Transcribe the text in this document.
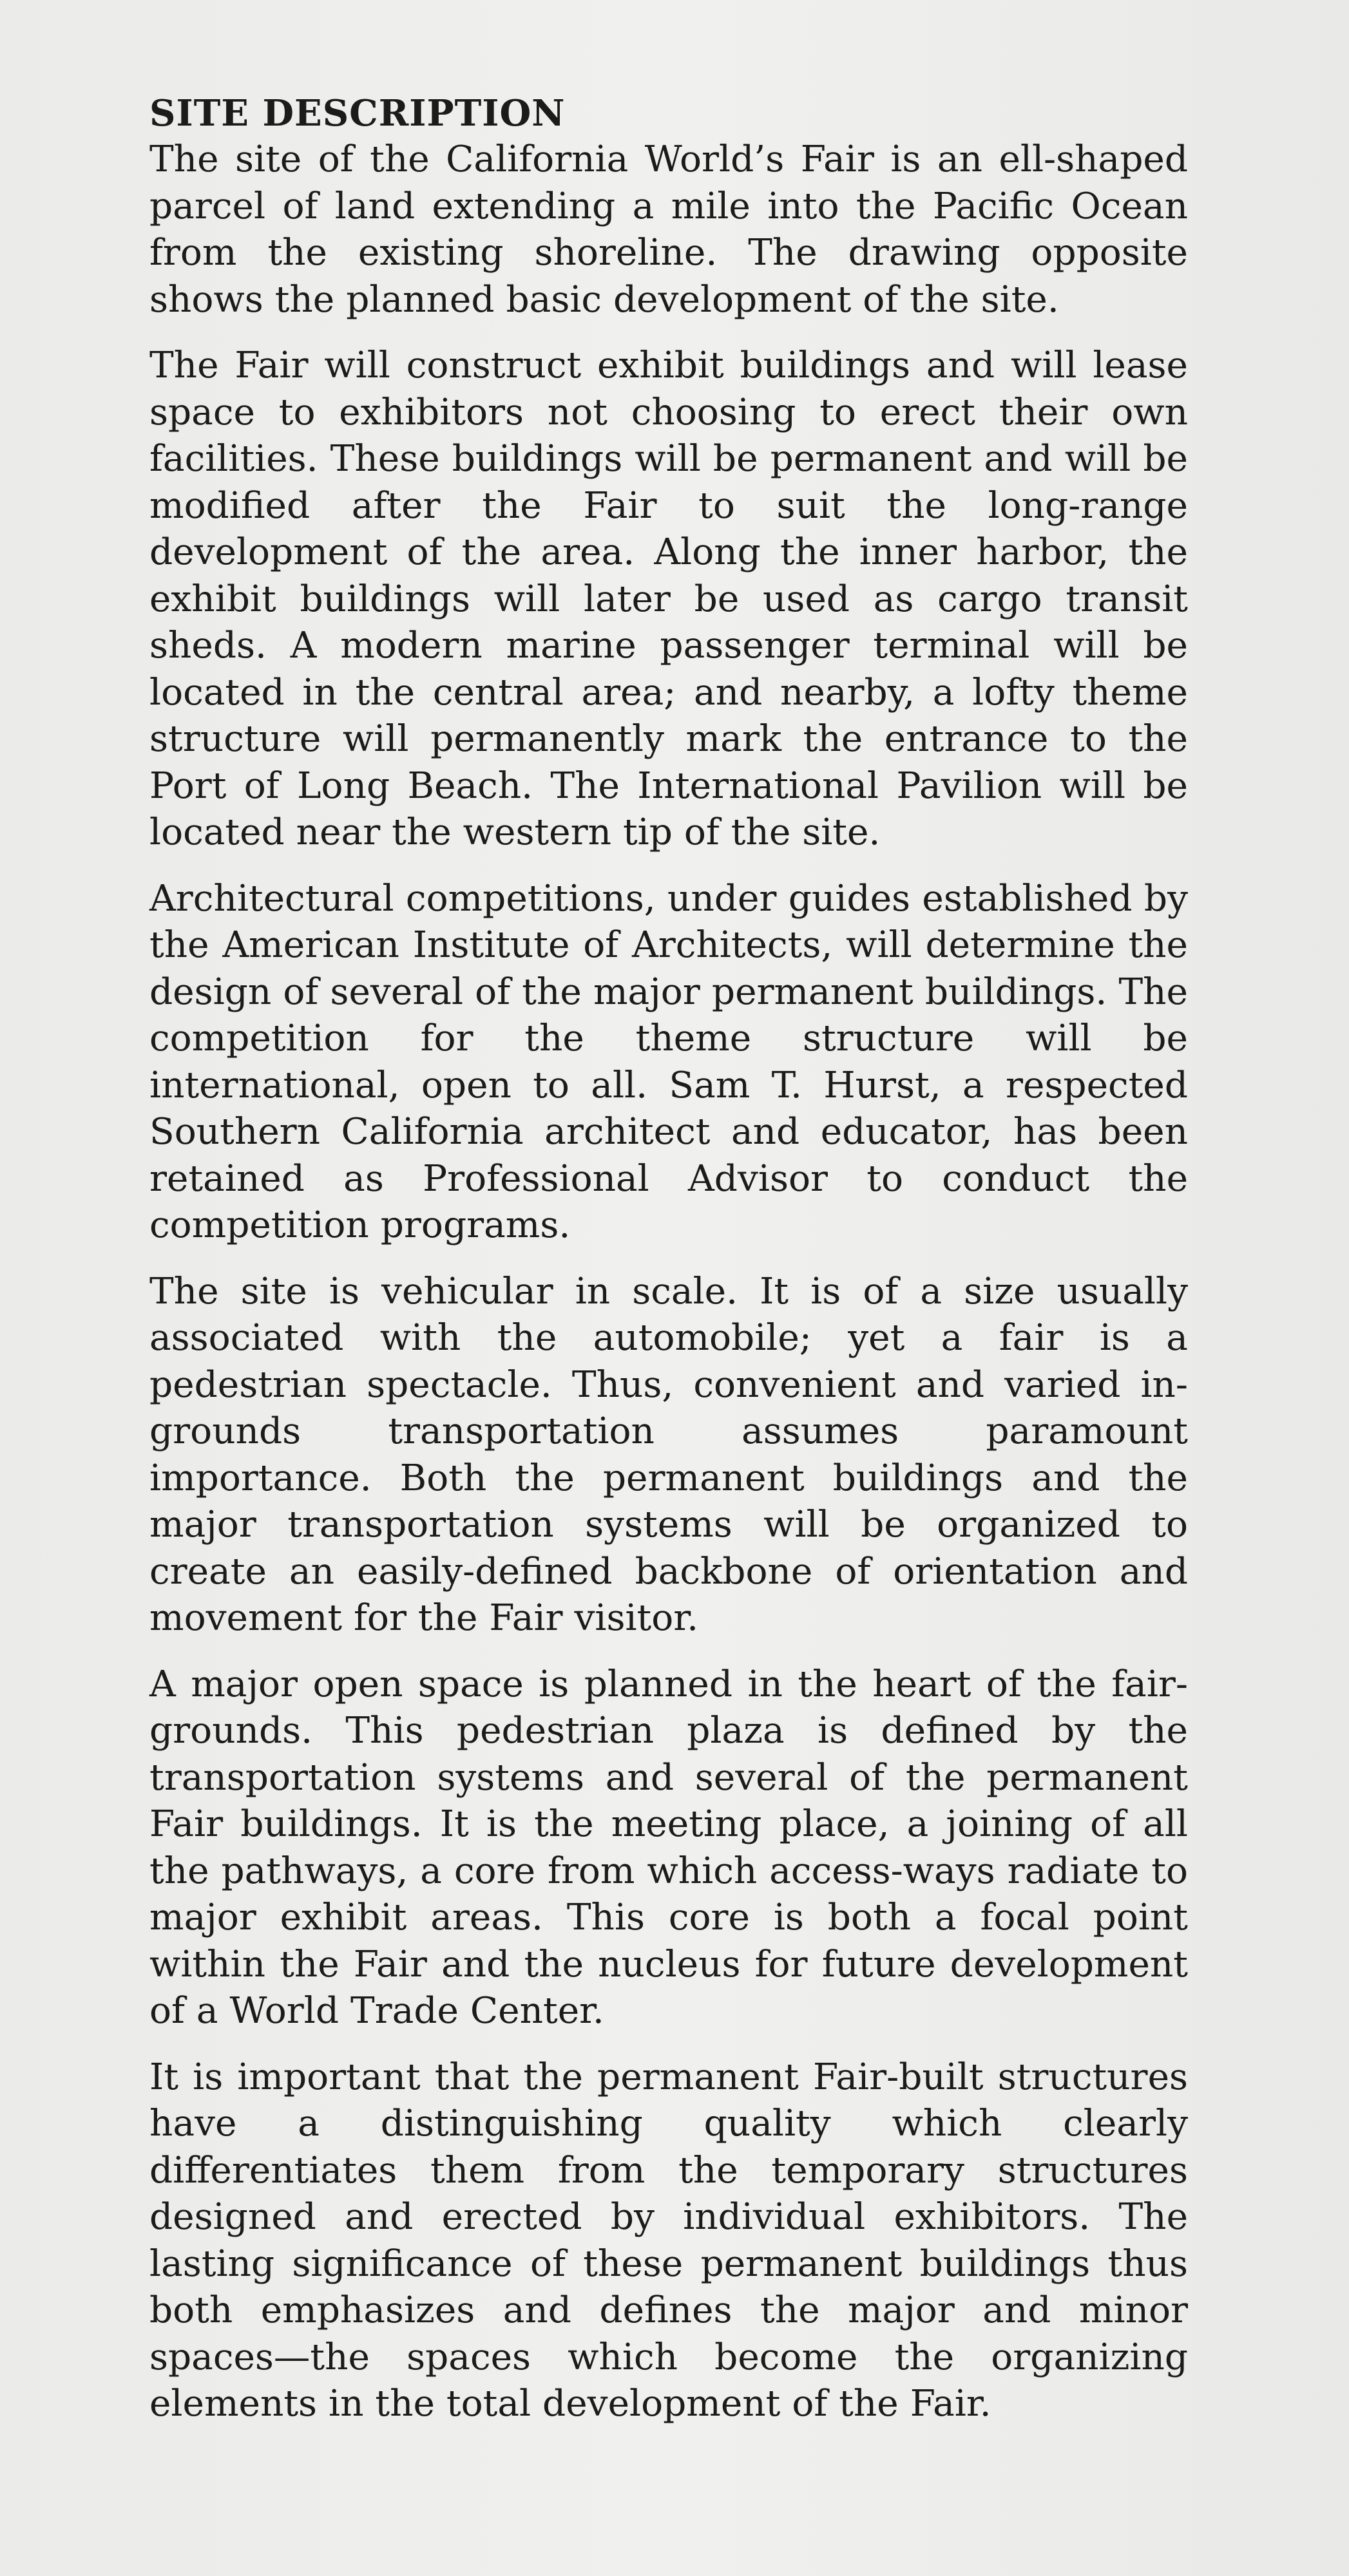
SITE DESCRIPTION

The site of the California World’s Fair is an ell-shaped parcel of land extending a mile into the Pacific Ocean from the existing shoreline. The drawing opposite shows the planned basic development of the site.

The Fair will construct exhibit buildings and will lease space to exhibitors not choosing to erect their own facilities. These buildings will be permanent and will be modified after the Fair to suit the long-range development of the area. Along the inner harbor, the exhibit buildings will later be used as cargo transit sheds. A modern marine passenger terminal will be located in the central area; and nearby, a lofty theme structure will permanently mark the entrance to the Port of Long Beach. The International Pavilion will be located near the western tip of the site.

Architectural competitions, under guides established by the American Institute of Architects, will determine the design of several of the major permanent buildings. The competition for the theme structure will be international, open to all. Sam T. Hurst, a respected Southern California architect and educator, has been retained as Professional Advisor to conduct the competition programs.

The site is vehicular in scale. It is of a size usually associated with the automobile; yet a fair is a pedestrian spectacle. Thus, convenient and varied in-grounds transportation assumes paramount importance. Both the permanent buildings and the major transportation systems will be organized to create an easily-defined backbone of orientation and movement for the Fair visitor.

A major open space is planned in the heart of the fair-grounds. This pedestrian plaza is defined by the transportation systems and several of the permanent Fair buildings. It is the meeting place, a joining of all the pathways, a core from which access-ways radiate to major exhibit areas. This core is both a focal point within the Fair and the nucleus for future development of a World Trade Center.

It is important that the permanent Fair-built structures have a distinguishing quality which clearly differentiates them from the temporary structures designed and erected by individual exhibitors. The lasting significance of these permanent buildings thus both emphasizes and defines the major and minor spaces—the spaces which become the organizing elements in the total development of the Fair.
